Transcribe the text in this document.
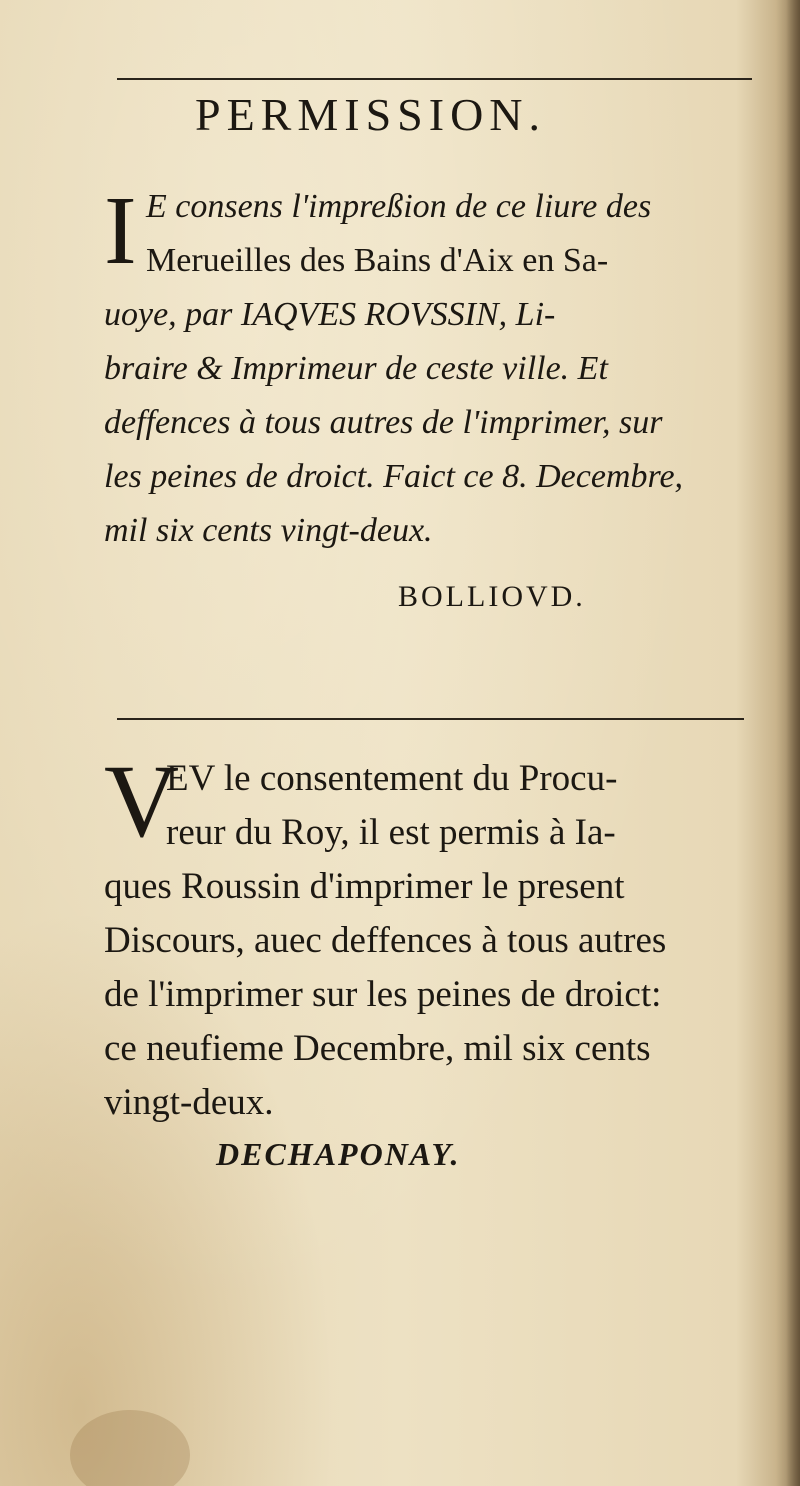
PERMISSION.
I E consens l'impreßion de ce liure des
Merueilles des Bains d'Aix en Sa-
uoye, par IAQVES ROVSSIN, Li-
braire & Imprimeur de ceste ville. Et
deffences à tous autres de l'imprimer, sur
les peines de droict. Faict ce 8. Decembre,
mil six cents vingt-deux.
BOLLIOVD.
V
EV le consentement du Procu-
reur du Roy, il est permis à Ia-
ques Roussin d'imprimer le present
Discours, auec deffences à tous autres
de l'imprimer sur les peines de droict:
ce neufieme Decembre, mil six cents
vingt-deux.
DECHAPONAY.
